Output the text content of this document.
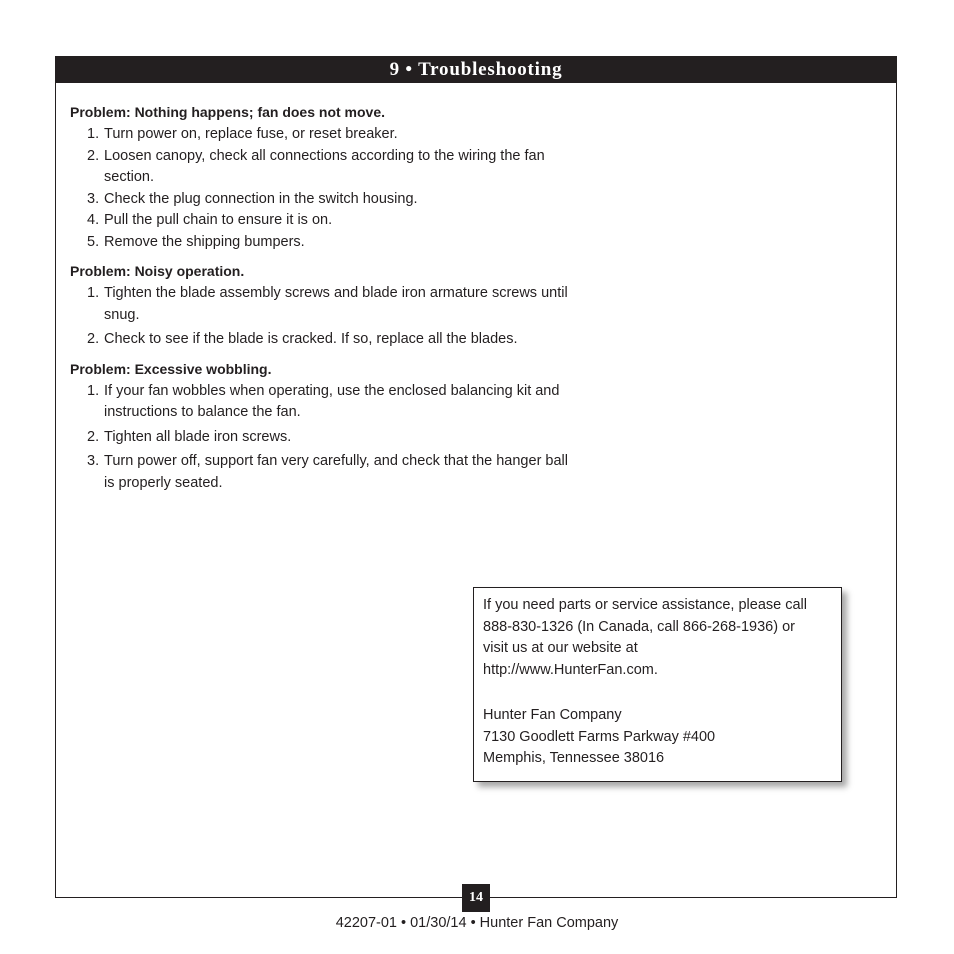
9 • Troubleshooting
Problem: Nothing happens; fan does not move.
1. Turn power on, replace fuse, or reset breaker.
2. Loosen canopy, check all connections according to the wiring the fan section.
3. Check the plug connection in the switch housing.
4. Pull the pull chain to ensure it is on.
5. Remove the shipping bumpers.
Problem: Noisy operation.
1. Tighten the blade assembly screws and blade iron armature screws until snug.
2. Check to see if the blade is cracked. If so, replace all the blades.
Problem: Excessive wobbling.
1. If your fan wobbles when operating, use the enclosed balancing kit and instructions to balance the fan.
2. Tighten all blade iron screws.
3. Turn power off, support fan very carefully, and check that the hanger ball is properly seated.

If you need parts or service assistance, please call

888-830-1326 (In Canada, call 866-268-1936) or

visit us at our website at

http://www.HunterFan.com.

Hunter Fan Company

7130 Goodlett Farms Parkway #400

Memphis, Tennessee 38016

14
42207-01 • 01/30/14 • Hunter Fan Company
